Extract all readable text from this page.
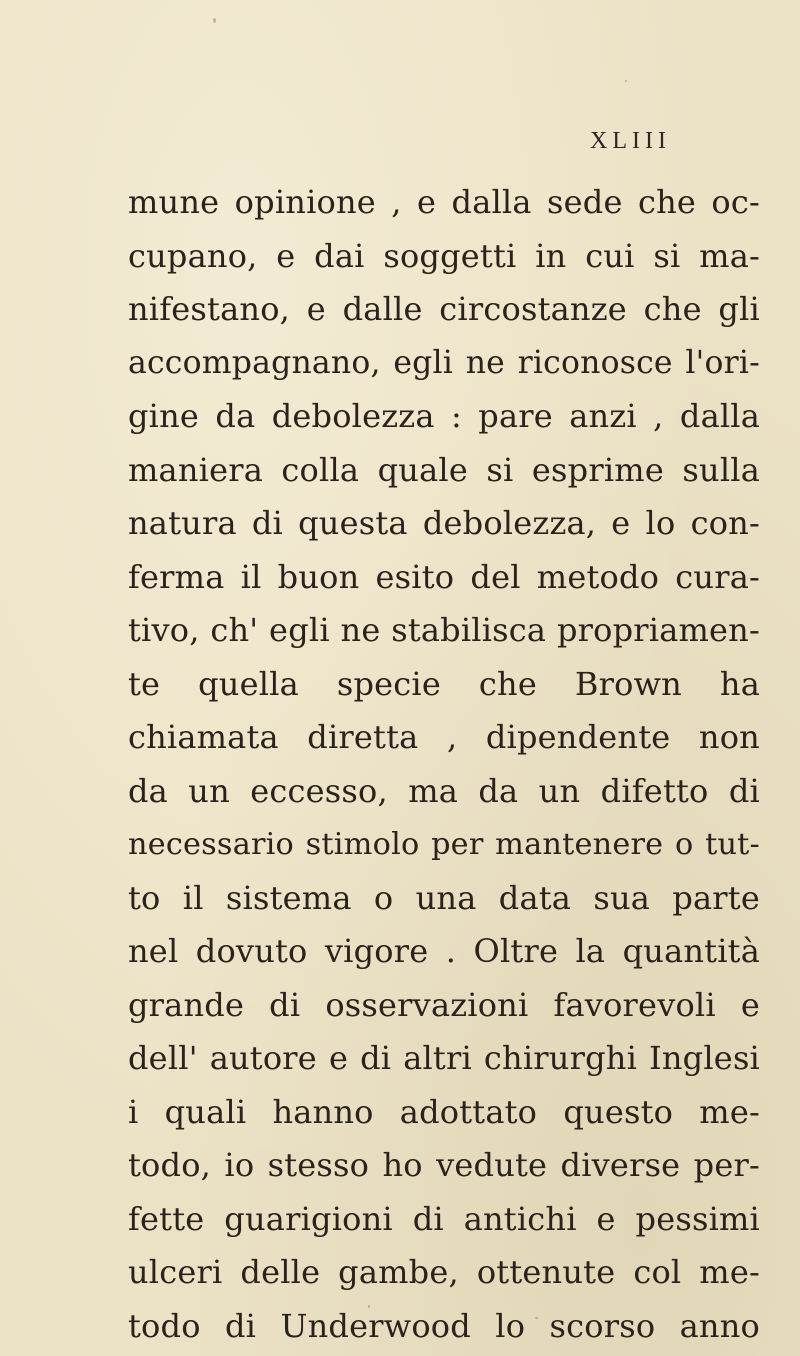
XLIII
mune opinione , e dalla sede che oc-
cupano, e dai soggetti in cui si ma-
nifestano, e dalle circostanze che gli
accompagnano, egli ne riconosce l'ori-
gine da debolezza : pare anzi , dalla
maniera colla quale si esprime sulla
natura di questa debolezza, e lo con-
ferma il buon esito del metodo cura-
tivo, ch' egli ne stabilisca propriamen-
te quella specie che Brown ha
chiamata diretta , dipendente non
da un eccesso, ma da un difetto di
necessario stimolo per mantenere o tut-
to il sistema o una data sua parte
nel dovuto vigore . Oltre la quantità
grande di osservazioni favorevoli e
dell' autore e di altri chirurghi Inglesi
i quali hanno adottato questo me-
todo, io stesso ho vedute diverse per-
fette guarigioni di antichi e pessimi
ulceri delle gambe, ottenute col me-
todo di Underwood lo scorso anno
